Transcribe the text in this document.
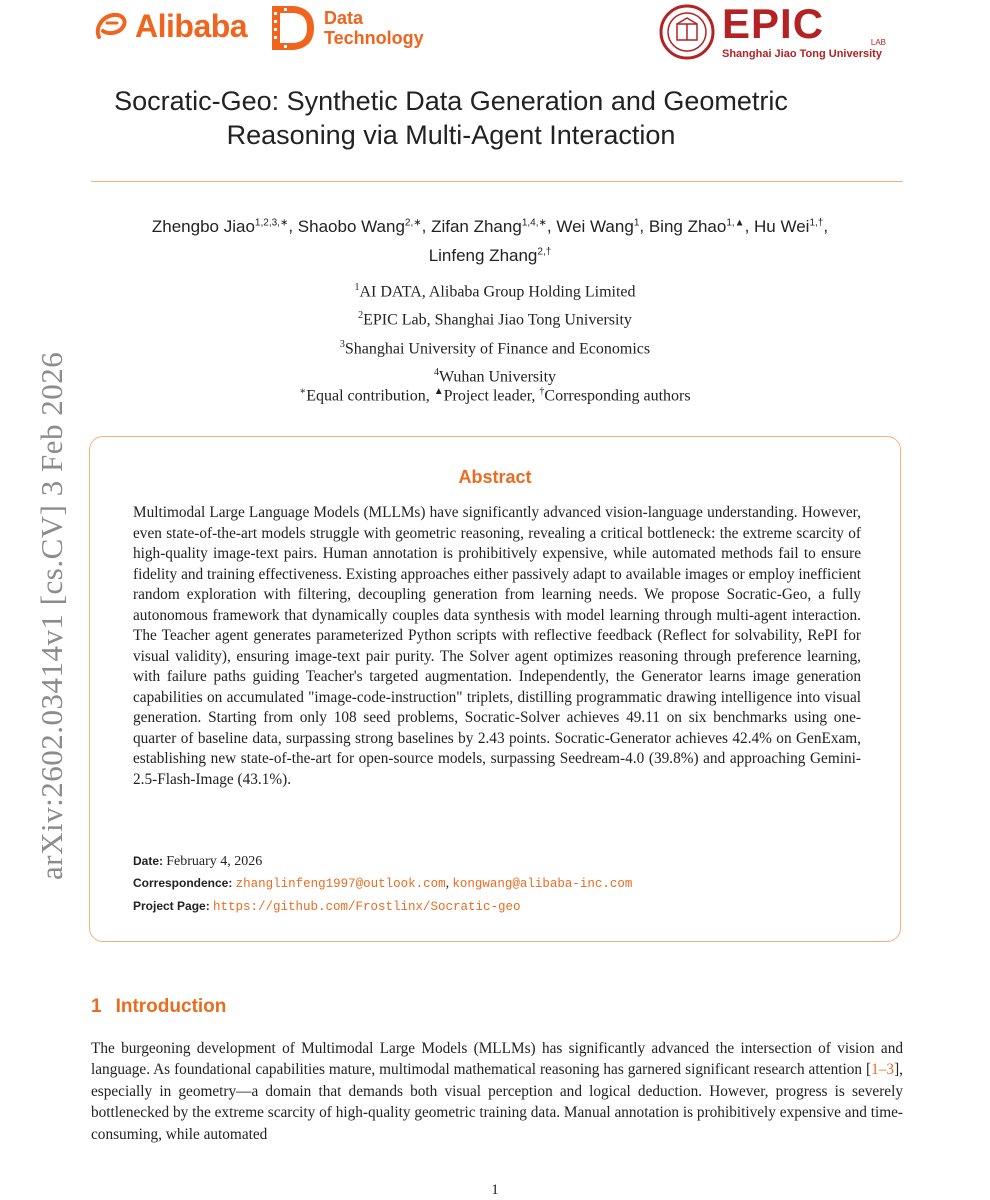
Alibaba	Data
Technology	EPIC	LAB
Shanghai Jiao Tong University
arXiv:2602.03414v1 [cs.CV] 3 Feb 2026
Socratic-Geo: Synthetic Data Generation and Geometric
Reasoning via Multi-Agent Interaction
Zhengbo Jiao$^{1,2,3,∗}$, Shaobo Wang$^{2,∗}$, Zifan Zhang$^{1,4,∗}$, Wei Wang$^1$, Bing Zhao$^{1,▲}$, Hu Wei$^{1,\dagger}$,
Linfeng Zhang$^{2,\dagger}$
$^1$AI DATA, Alibaba Group Holding Limited
$^2$EPIC Lab, Shanghai Jiao Tong University
$^3$Shanghai University of Finance and Economics
$^4$Wuhan University
∗Equal contribution, ▲Project leader, †Corresponding authors
Abstract
Multimodal Large Language Models (MLLMs) have significantly advanced vision-language understanding. However, even state-of-the-art models struggle with geometric reasoning, revealing a critical bottleneck: the extreme scarcity of high-quality image-text pairs. Human annotation is prohibitively expensive, while automated methods fail to ensure fidelity and training effectiveness. Existing approaches either passively adapt to available images or employ inefficient random exploration with filtering, decoupling generation from learning needs. We propose Socratic-Geo, a fully autonomous framework that dynamically couples data synthesis with model learning through multi-agent interaction. The Teacher agent generates parameterized Python scripts with reflective feedback (Reflect for solvability, RePI for visual validity), ensuring image-text pair purity. The Solver agent optimizes reasoning through preference learning, with failure paths guiding Teacher's targeted augmentation. Independently, the Generator learns image generation capabilities on accumulated "image-code-instruction" triplets, distilling programmatic drawing intelligence into visual generation. Starting from only 108 seed problems, Socratic-Solver achieves 49.11 on six benchmarks using one-quarter of baseline data, surpassing strong baselines by 2.43 points. Socratic-Generator achieves 42.4% on GenExam, establishing new state-of-the-art for open-source models, surpassing Seedream-4.0 (39.8%) and approaching Gemini-2.5-Flash-Image (43.1%).
Date: February 4, 2026
Correspondence: zhanglinfeng1997@outlook.com, kongwang@alibaba-inc.com
Project Page: https://github.com/Frostlinx/Socratic-geo
1 Introduction
The burgeoning development of Multimodal Large Models (MLLMs) has significantly advanced the intersection of vision and language. As foundational capabilities mature, multimodal mathematical reasoning has garnered significant research attention [1–3], especially in geometry—a domain that demands both visual perception and logical deduction. However, progress is severely bottlenecked by the extreme scarcity of high-quality geometric training data. Manual annotation is prohibitively expensive and time-consuming, while automated
1
